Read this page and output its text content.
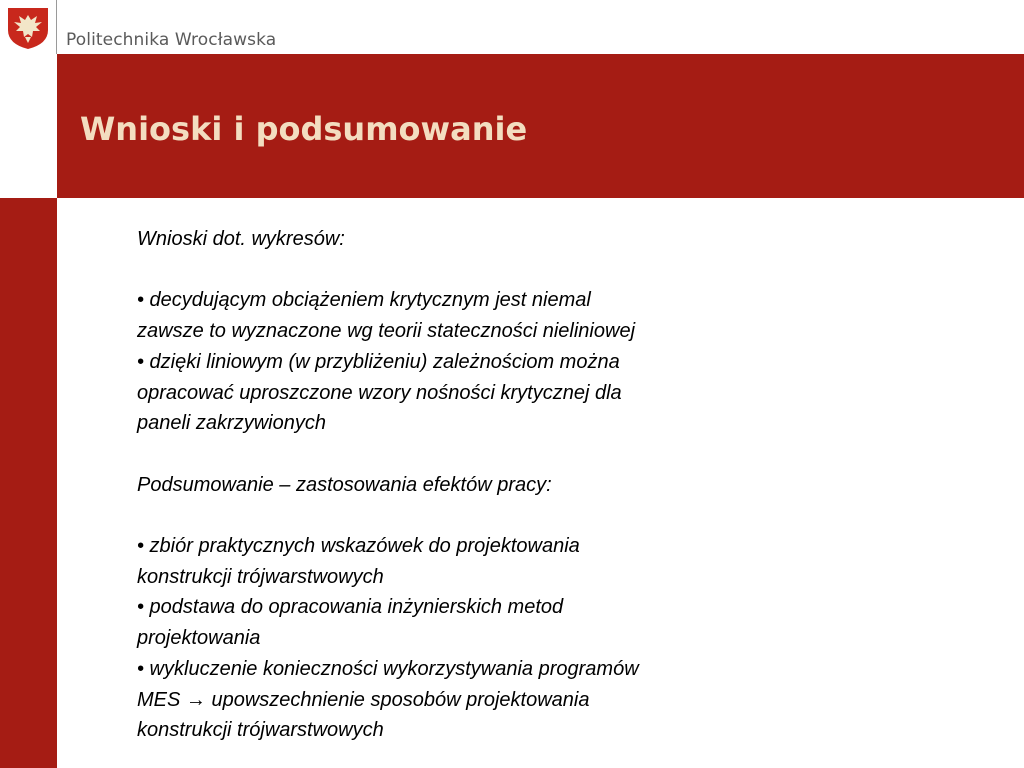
Politechnika Wrocławska
Wnioski i podsumowanie

Wnioski dot. wykresów:

• decydującym obciążeniem krytycznym jest niemal

zawsze to wyznaczone wg teorii stateczności nieliniowej

• dzięki liniowym (w przybliżeniu) zależnościom można

opracować uproszczone wzory nośności krytycznej dla

paneli zakrzywionych

Podsumowanie – zastosowania efektów pracy:

• zbiór praktycznych wskazówek do projektowania

konstrukcji trójwarstwowych

• podstawa do opracowania inżynierskich metod

projektowania

• wykluczenie konieczności wykorzystywania programów

MES → upowszechnienie sposobów projektowania

konstrukcji trójwarstwowych
